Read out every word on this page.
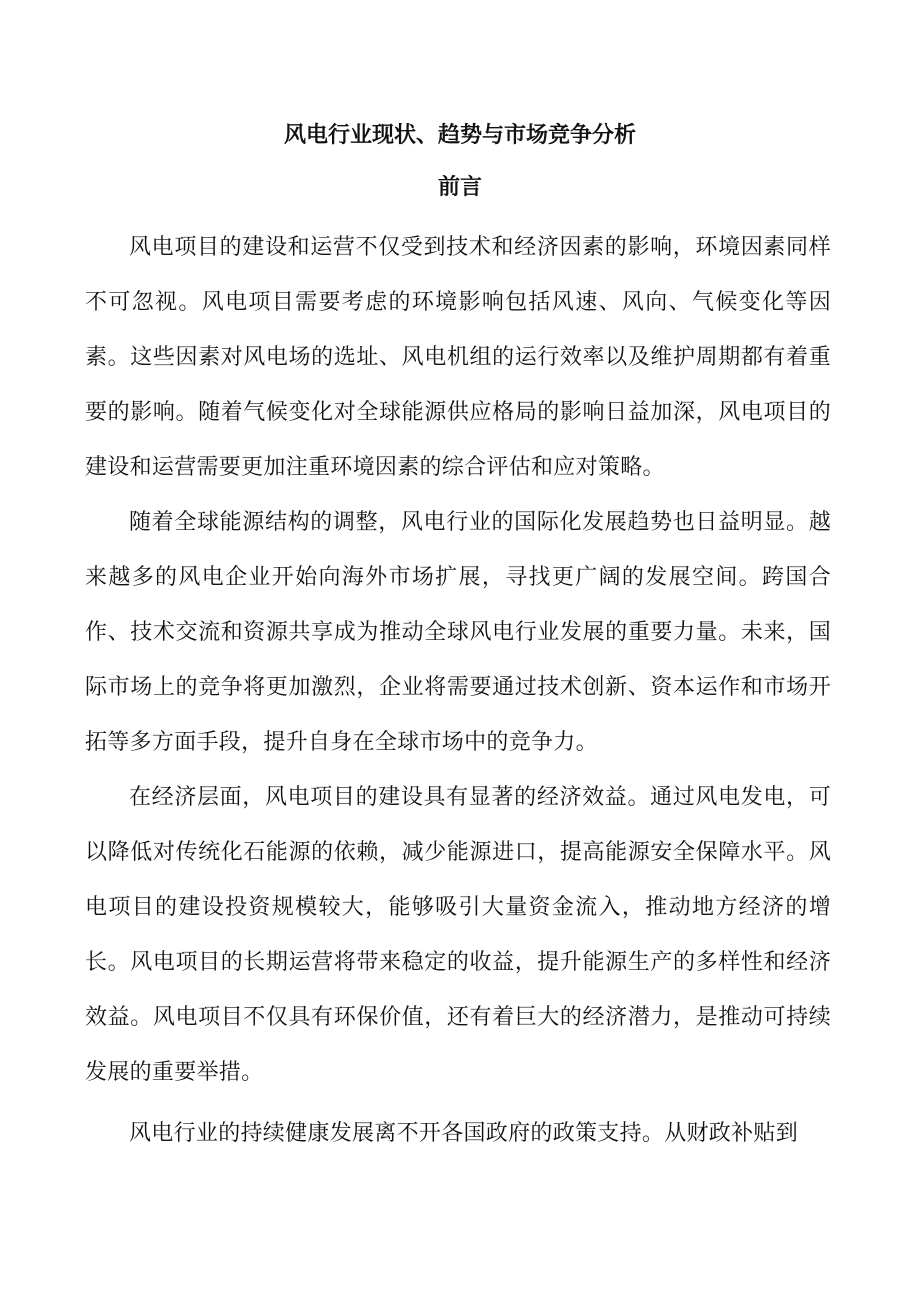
风电行业现状、趋势与市场竞争分析
前言

风电项目的建设和运营不仅受到技术和经济因素的影响，环境因素同样不可忽视。风电项目需要考虑的环境影响包括风速、风向、气候变化等因素。这些因素对风电场的选址、风电机组的运行效率以及维护周期都有着重要的影响。随着气候变化对全球能源供应格局的影响日益加深，风电项目的建设和运营需要更加注重环境因素的综合评估和应对策略。

随着全球能源结构的调整，风电行业的国际化发展趋势也日益明显。越来越多的风电企业开始向海外市场扩展，寻找更广阔的发展空间。跨国合作、技术交流和资源共享成为推动全球风电行业发展的重要力量。未来，国际市场上的竞争将更加激烈，企业将需要通过技术创新、资本运作和市场开拓等多方面手段，提升自身在全球市场中的竞争力。

在经济层面，风电项目的建设具有显著的经济效益。通过风电发电，可以降低对传统化石能源的依赖，减少能源进口，提高能源安全保障水平。风电项目的建设投资规模较大，能够吸引大量资金流入，推动地方经济的增长。风电项目的长期运营将带来稳定的收益，提升能源生产的多样性和经济效益。风电项目不仅具有环保价值，还有着巨大的经济潜力，是推动可持续发展的重要举措。

风电行业的持续健康发展离不开各国政府的政策支持。从财政补贴到
